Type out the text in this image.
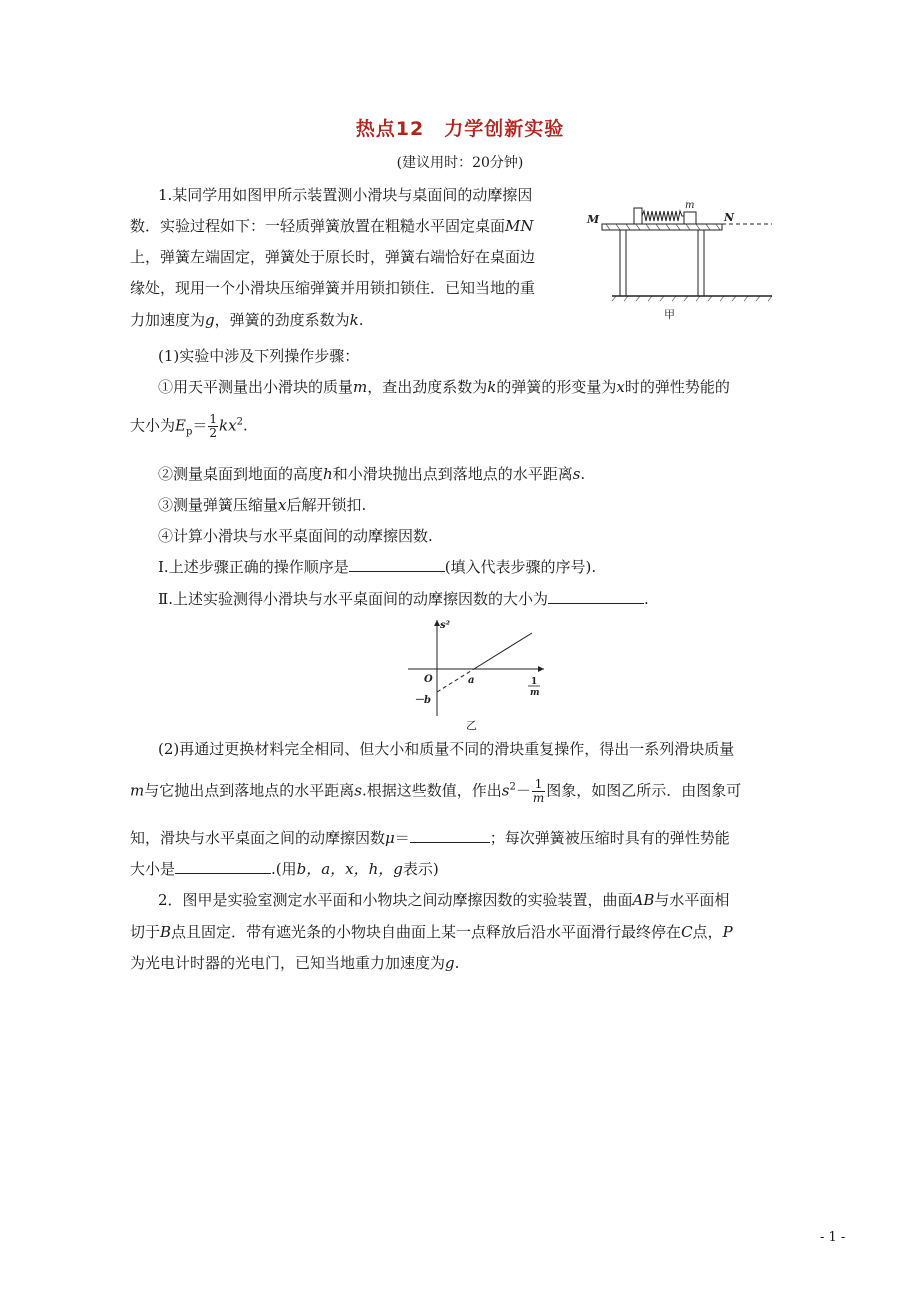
热点12　力学创新实验
(建议用时：20分钟)
1.某同学用如图甲所示装置测小滑块与桌面间的动摩擦因
数．实验过程如下：一轻质弹簧放置在粗糙水平固定桌面MN
上，弹簧左端固定，弹簧处于原长时，弹簧右端恰好在桌面边
缘处，现用一个小滑块压缩弹簧并用锁扣锁住．已知当地的重
力加速度为g，弹簧的劲度系数为k.
M	N
m
甲
(1)实验中涉及下列操作步骤：
①用天平测量出小滑块的质量m，查出劲度系数为k的弹簧的形变量为x时的弹性势能的
大小为$E_p= \frac{1}{2} kx^2$.
②测量桌面到地面的高度h和小滑块抛出点到落地点的水平距离s.
③测量弹簧压缩量x后解开锁扣.
④计算小滑块与水平桌面间的动摩擦因数.
Ⅰ.上述步骤正确的操作顺序是	(填入代表步骤的序号).
Ⅱ.上述实验测得小滑块与水平桌面间的动摩擦因数的大小为	.
s²
O	a
－b
1
m
乙
(2)再通过更换材料完全相同、但大小和质量不同的滑块重复操作，得出一系列滑块质量
m与它抛出点到落地点的水平距离s.根据这些数值，作出$s^2- \frac{1}{m}$ 图象，如图乙所示．由图象可
知，滑块与水平桌面之间的动摩擦因数μ＝	；每次弹簧被压缩时具有的弹性势能
大小是	.(用b，a，x，h，g表示)
2．图甲是实验室测定水平面和小物块之间动摩擦因数的实验装置，曲面AB与水平面相
切于B点且固定．带有遮光条的小物块自曲面上某一点释放后沿水平面滑行最终停在C点，P
为光电计时器的光电门，已知当地重力加速度为g.
- 1 -
